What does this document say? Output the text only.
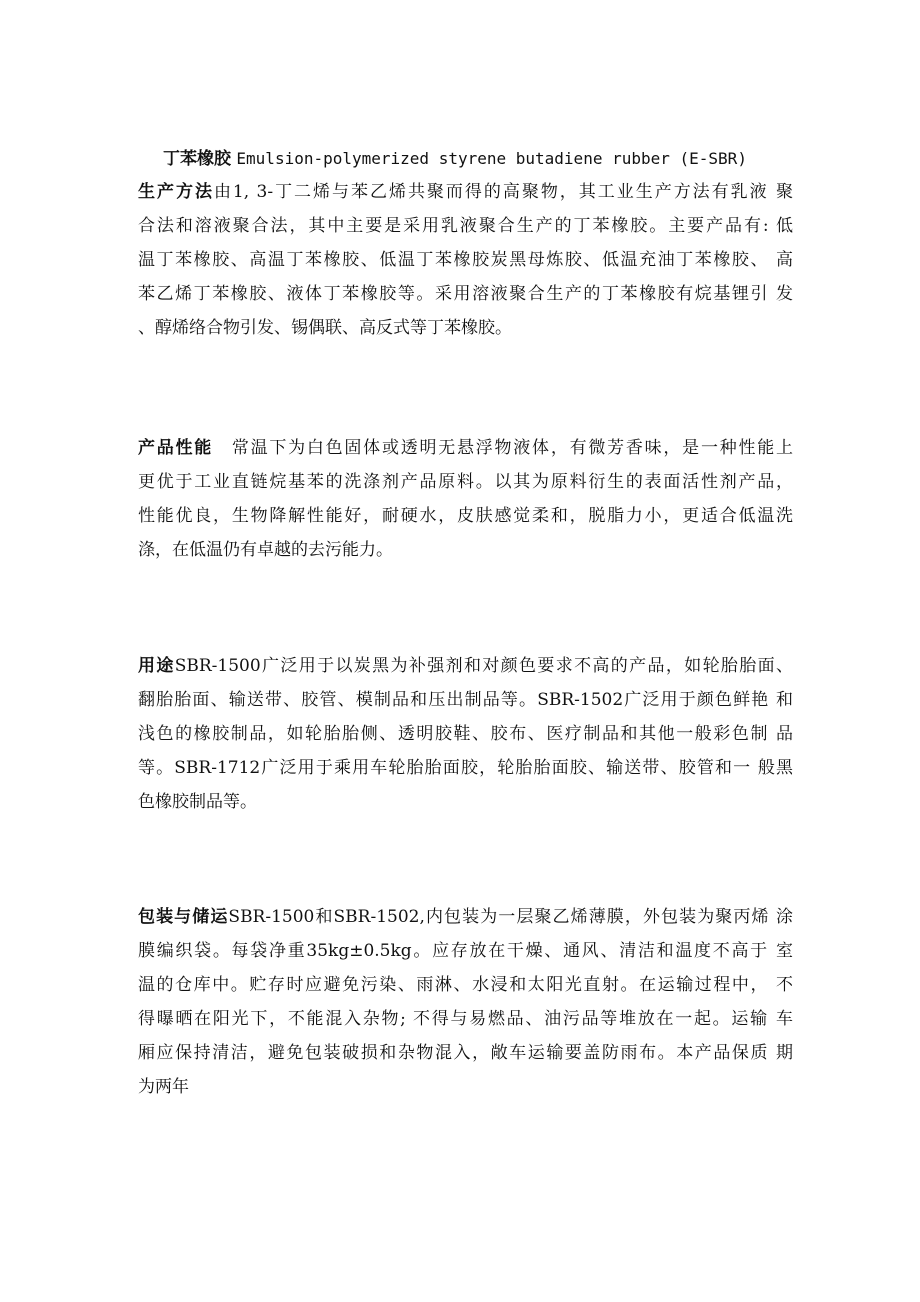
丁苯橡胶 Emulsion-polymerized styrene butadiene rubber (E-SBR)
生产方法由1, 3-丁二烯与苯乙烯共聚而得的高聚物，其工业生产方法有乳液 聚
合法和溶液聚合法，其中主要是采用乳液聚合生产的丁苯橡胶。主要产品有: 低
温丁苯橡胶、高温丁苯橡胶、低温丁苯橡胶炭黑母炼胶、低温充油丁苯橡胶、 高
苯乙烯丁苯橡胶、液体丁苯橡胶等。采用溶液聚合生产的丁苯橡胶有烷基锂引 发
、醇烯络合物引发、锡偶联、高反式等丁苯橡胶。
产品性能　常温下为白色固体或透明无悬浮物液体，有微芳香味，是一种性能上
更优于工业直链烷基苯的洗涤剂产品原料。以其为原料衍生的表面活性剂产品，
性能优良，生物降解性能好，耐硬水，皮肤感觉柔和，脱脂力小，更适合低温洗
涤，在低温仍有卓越的去污能力。
用途SBR-1500广泛用于以炭黑为补强剂和对颜色要求不高的产品，如轮胎胎面、
翻胎胎面、输送带、胶管、模制品和压出制品等。SBR-1502广泛用于颜色鲜艳 和
浅色的橡胶制品，如轮胎胎侧、透明胶鞋、胶布、医疗制品和其他一般彩色制 品
等。SBR-1712广泛用于乘用车轮胎胎面胶，轮胎胎面胶、输送带、胶管和一 般黑
色橡胶制品等。
包装与储运SBR-1500和SBR-1502,内包装为一层聚乙烯薄膜，外包装为聚丙烯 涂
膜编织袋。每袋净重35kg±0.5kg。应存放在干燥、通风、清洁和温度不高于 室
温的仓库中。贮存时应避免污染、雨淋、水浸和太阳光直射。在运输过程中， 不
得曝晒在阳光下，不能混入杂物; 不得与易燃品、油污品等堆放在一起。运输 车
厢应保持清洁，避免包装破损和杂物混入，敞车运输要盖防雨布。本产品保质 期
为两年
